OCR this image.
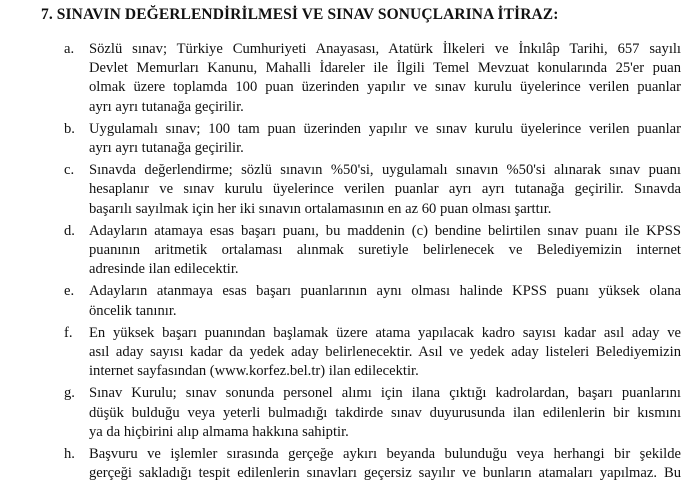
7. SINAVIN DEĞERLENDİRİLMESİ VE SINAV SONUÇLARINA İTİRAZ:
a. Sözlü sınav; Türkiye Cumhuriyeti Anayasası, Atatürk İlkeleri ve İnkılâp Tarihi, 657 sayılı
Devlet Memurları Kanunu, Mahalli İdareler ile İlgili Temel Mevzuat konularında 25'er puan
olmak üzere toplamda 100 puan üzerinden yapılır ve sınav kurulu üyelerince verilen puanlar
ayrı ayrı tutanağa geçirilir.
b. Uygulamalı sınav; 100 tam puan üzerinden yapılır ve sınav kurulu üyelerince verilen puanlar
ayrı ayrı tutanağa geçirilir.
c. Sınavda değerlendirme; sözlü sınavın %50'si, uygulamalı sınavın %50'si alınarak sınav puanı
hesaplanır ve sınav kurulu üyelerince verilen puanlar ayrı ayrı tutanağa geçirilir. Sınavda
başarılı sayılmak için her iki sınavın ortalamasının en az 60 puan olması şarttır.
d. Adayların atamaya esas başarı puanı, bu maddenin (c) bendine belirtilen sınav puanı ile KPSS
puanının aritmetik ortalaması alınmak suretiyle belirlenecek ve Belediyemizin internet
adresinde ilan edilecektir.
e. Adayların atanmaya esas başarı puanlarının aynı olması halinde KPSS puanı yüksek olana
öncelik tanınır.
f. En yüksek başarı puanından başlamak üzere atama yapılacak kadro sayısı kadar asıl aday ve
asıl aday sayısı kadar da yedek aday belirlenecektir. Asıl ve yedek aday listeleri Belediyemizin
internet sayfasından (www.korfez.bel.tr) ilan edilecektir.
g. Sınav Kurulu; sınav sonunda personel alımı için ilana çıktığı kadrolardan, başarı puanlarını
düşük bulduğu veya yeterli bulmadığı takdirde sınav duyurusunda ilan edilenlerin bir kısmını
ya da hiçbirini alıp almama hakkına sahiptir.
h. Başvuru ve işlemler sırasında gerçeğe aykırı beyanda bulunduğu veya herhangi bir şekilde
gerçeği sakladığı tespit edilenlerin sınavları geçersiz sayılır ve bunların atamaları yapılmaz. Bu
